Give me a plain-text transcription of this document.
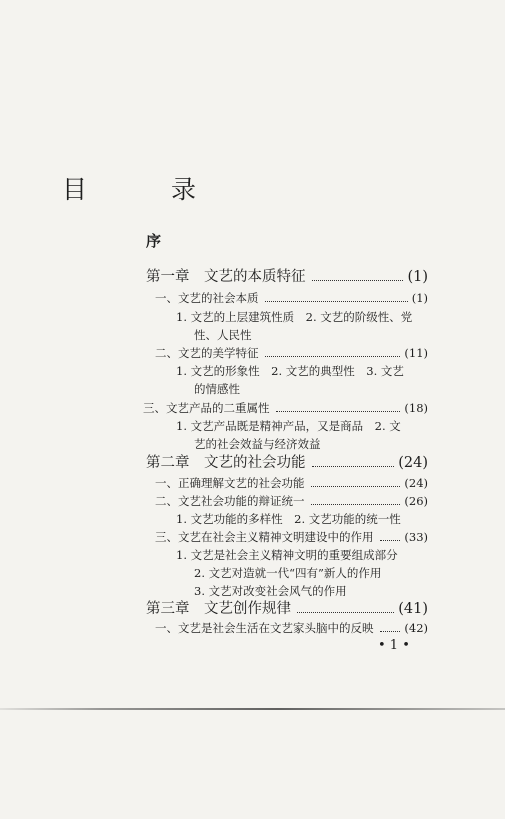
目 录
序
第一章　文艺的本质特征	(1)
一、文艺的社会本质	(1)
1. 文艺的上层建筑性质　2. 文艺的阶级性、党
性、人民性
二、文艺的美学特征	(11)
1. 文艺的形象性　2. 文艺的典型性　3. 文艺
的情感性
三、文艺产品的二重属性	(18)
1. 文艺产品既是精神产品，又是商品　2. 文
艺的社会效益与经济效益
第二章　文艺的社会功能	(24)
一、正确理解文艺的社会功能	(24)
二、文艺社会功能的辩证统一	(26)
1. 文艺功能的多样性　2. 文艺功能的统一性
三、文艺在社会主义精神文明建设中的作用	(33)
1. 文艺是社会主义精神文明的重要组成部分
2. 文艺对造就一代“四有”新人的作用
3. 文艺对改变社会风气的作用
第三章　文艺创作规律	(41)
一、文艺是社会生活在文艺家头脑中的反映	(42)
• 1 •
